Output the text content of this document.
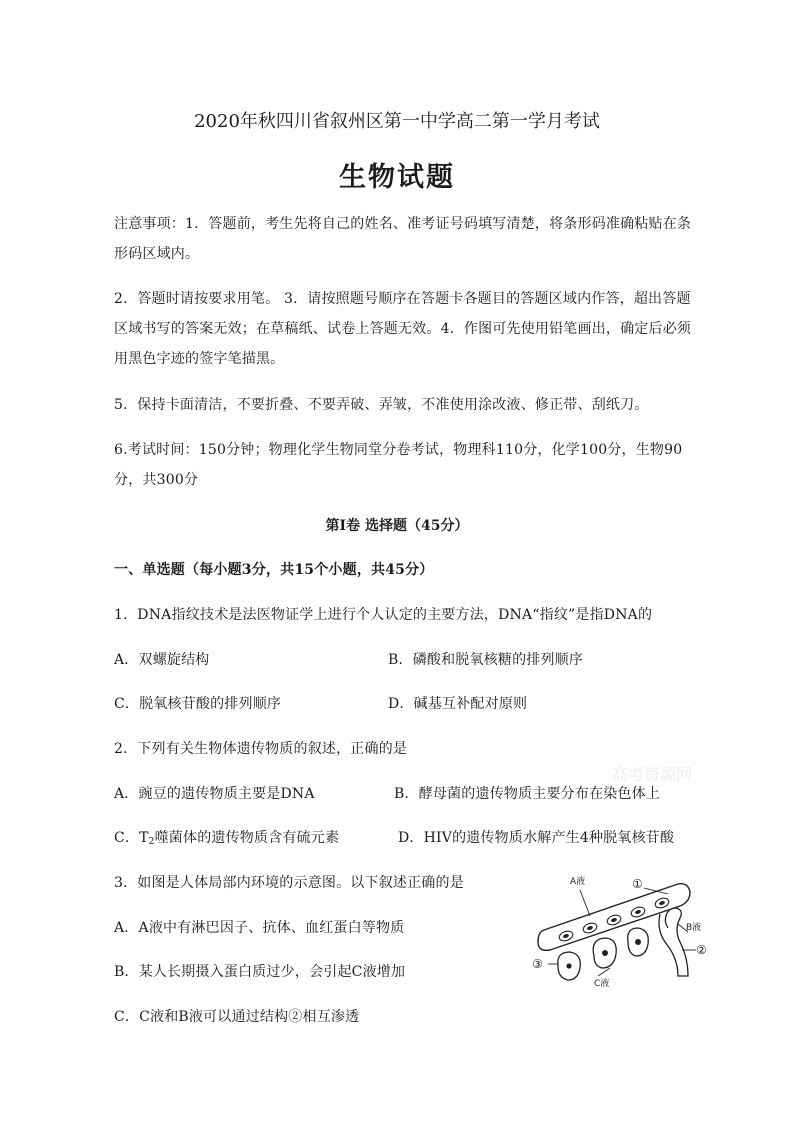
2020年秋四川省叙州区第一中学高二第一学月考试
生物试题
注意事项：1．答题前，考生先将自己的姓名、准考证号码填写清楚，将条形码准确粘贴在条
形码区域内。
2．答题时请按要求用笔。 3．请按照题号顺序在答题卡各题目的答题区域内作答，超出答题
区域书写的答案无效；在草稿纸、试卷上答题无效。4．作图可先使用铅笔画出，确定后必须
用黑色字迹的签字笔描黑。
5．保持卡面清洁，不要折叠、不要弄破、弄皱，不准使用涂改液、修正带、刮纸刀。
6.考试时间：150分钟；物理化学生物同堂分卷考试，物理科110分，化学100分，生物90
分，共300分
第I卷 选择题（45分）
一、单选题（每小题3分，共15个小题，共45分）
1．DNA指纹技术是法医物证学上进行个人认定的主要方法，DNA“指纹”是指DNA的
A．双螺旋结构	B．磷酸和脱氧核糖的排列顺序
C．脱氧核苷酸的排列顺序	D．碱基互补配对原则
2．下列有关生物体遗传物质的叙述，正确的是
A．豌豆的遗传物质主要是DNA	B．酵母菌的遗传物质主要分布在染色体上
C．$T_2$噬菌体的遗传物质含有硫元素	D．HIV的遗传物质水解产生4种脱氧核苷酸
3．如图是人体局部内环境的示意图。以下叙述正确的是
A．A液中有淋巴因子、抗体、血红蛋白等物质
B．某人长期摄入蛋白质过少，会引起C液增加
C．C液和B液可以通过结构②相互渗透
高考资源网
A液	①
B液
②
③
C液
